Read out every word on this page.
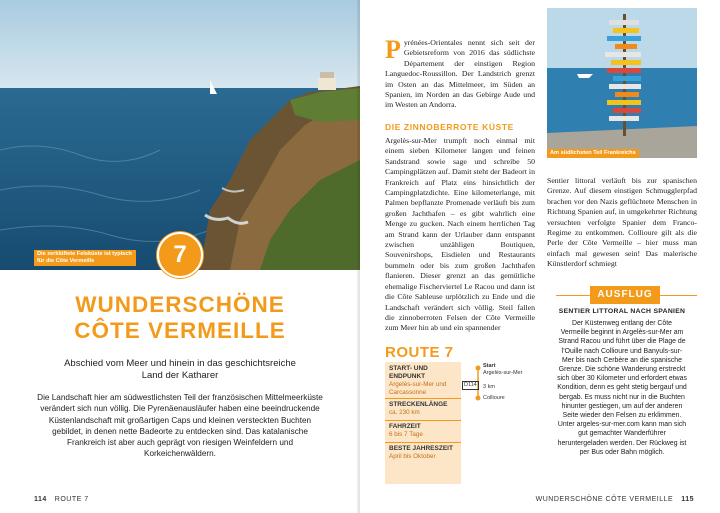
Die zerklüftete Felsküste ist typisch für die Côte Vermeille	7
WUNDERSCHÖNE
CÔTE VERMEILLE
Abschied vom Meer und hinein in das geschichtsreiche Land der Katharer
Die Landschaft hier am südwestlichsten Teil der französischen Mittelmeerküste verändert sich nun völlig. Die Pyrenäenausläufer haben eine beeindruckende Küstenlandschaft mit großartigen Caps und kleinen versteckten Buchten gebildet, in denen nette Badeorte zu entdecken sind. Das katalanische Frankreich ist aber auch geprägt von riesigen Weinfeldern und Korkeichenwäldern.
114 ROUTE 7
Pyrénées-Orientales nennt sich seit der Gebietsreform von 2016 das südlichste Département der einstigen Region Languedoc-Roussillon. Der Landstrich grenzt im Osten an das Mittelmeer, im Süden an Spanien, im Norden an das Gebirge Aude und im Westen an Andorra.
DIE ZINNOBERROTE KÜSTE
Argelès-sur-Mer trumpft noch einmal mit einem sieben Kilometer langen und feinen Sandstrand sowie sage und schreibe 50 Campingplätzen auf. Damit steht der Badeort in Frankreich auf Platz eins hinsichtlich der Campingplatzdichte. Eine kilometerlange, mit Palmen bepflanzte Promenade verläuft bis zum großen Jachthafen – es gibt wahrlich eine Menge zu gucken. Nach einem herrlichen Tag am Strand kann der Urlauber dann entspannt zwischen unzähligen Boutiquen, Souvenirshops, Eisdielen und Restaurants bummeln oder bis zum großen Jachthafen flanieren. Dieser grenzt an das gemütliche ehemalige Fischerviertel Le Racou und dann ist die Côte Sableuse urplötzlich zu Ende und die Landschaft verändert sich völlig. Steil fallen die zinnoberroten Felsen der Côte Vermeille zum Meer hin ab und ein spannender
Am südlichsten Teil Frankreichs
Sentier littoral verläuft bis zur spanischen Grenze. Auf diesem einstigen Schmugglerpfad brachen vor den Nazis geflüchtete Menschen in Richtung Spanien auf, in umgekehrter Richtung versuchten verfolgte Spanier dem Franco-Regime zu entkommen. Collioure gilt als die Perle der Côte Vermeille – hier muss man einfach mal gewesen sein! Das malerische Künstlerdorf schmiegt
ROUTE 7
START- UND ENDPUNKT
Argelès-sur-Mer und Carcassonne
STRECKENLÄNGE
ca. 230 km
FAHRZEIT
6 bis 7 Tage
BESTE JAHRESZEIT
April bis Oktober
Start
Argelès-sur-Mer
D114	3 km
Collioure
WUNDERSCHÖNE CÔTE VERMEILLE 115
AUSFLUG
SENTIER LITTORAL NACH SPANIEN
Der Küstenweg entlang der Côte Vermeille beginnt in Argelès-sur-Mer am Strand Racou und führt über die Plage de l'Ouille nach Collioure und Banyuls-sur-Mer bis nach Cerbère an die spanische Grenze. Die schöne Wanderung erstreckt sich über 30 Kilometer und erfordert etwas Kondition, denn es geht stetig bergauf und bergab. Es muss nicht nur in die Buchten hinunter gestiegen, um auf der anderen Seite wieder den Felsen zu erklimmen. Unter argeles-sur-mer.com kann man sich gut gemachter Wanderführer heruntergeladen werden. Der Rückweg ist per Bus oder Bahn möglich.
